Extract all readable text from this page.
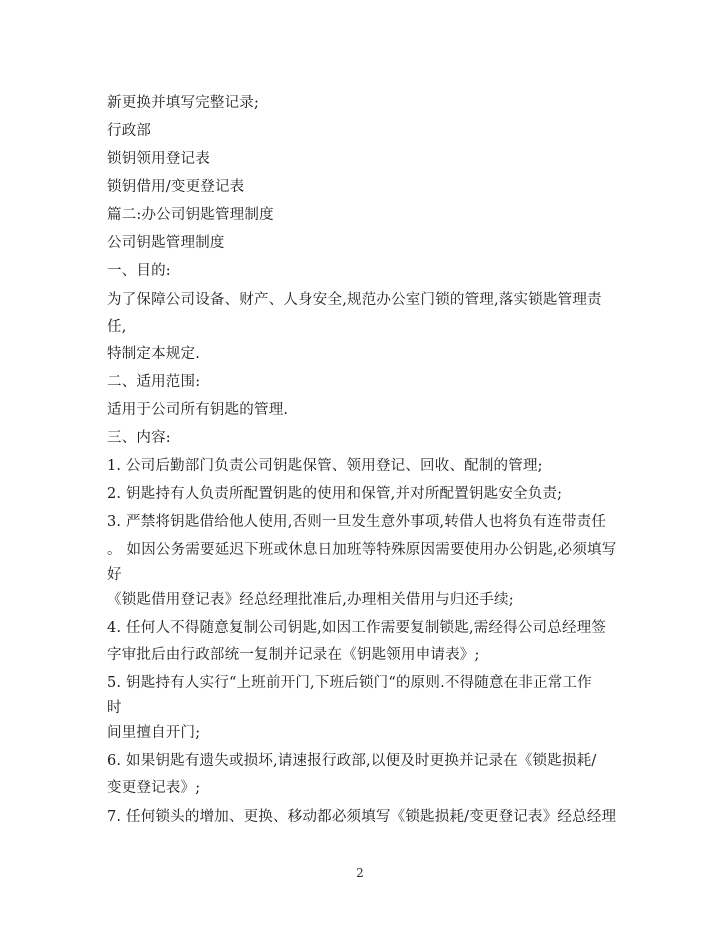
新更换并填写完整记录;
行政部
锁钥领用登记表
锁钥借用/变更登记表
篇二:办公司钥匙管理制度
公司钥匙管理制度
一、目的:
为了保障公司设备、财产、人身安全,规范办公室门锁的管理,落实锁匙管理责
任,
特制定本规定.
二、适用范围:
适用于公司所有钥匙的管理.
三、内容:
1. 公司后勤部门负责公司钥匙保管、领用登记、回收、配制的管理;
2. 钥匙持有人负责所配置钥匙的使用和保管,并对所配置钥匙安全负责;
3. 严禁将钥匙借给他人使用,否则一旦发生意外事项,转借人也将负有连带责任
。 如因公务需要延迟下班或休息日加班等特殊原因需要使用办公钥匙,必须填写
好
《锁匙借用登记表》经总经理批准后,办理相关借用与归还手续;
4. 任何人不得随意复制公司钥匙,如因工作需要复制锁匙,需经得公司总经理签
字审批后由行政部统一复制并记录在《钥匙领用申请表》;
5. 钥匙持有人实行“上班前开门,下班后锁门“的原则.不得随意在非正常工作
时
间里擅自开门;
6. 如果钥匙有遗失或损坏,请速报行政部,以便及时更换并记录在《锁匙损耗/
变更登记表》;
7. 任何锁头的增加、更换、移动都必须填写《锁匙损耗/变更登记表》经总经理
2
